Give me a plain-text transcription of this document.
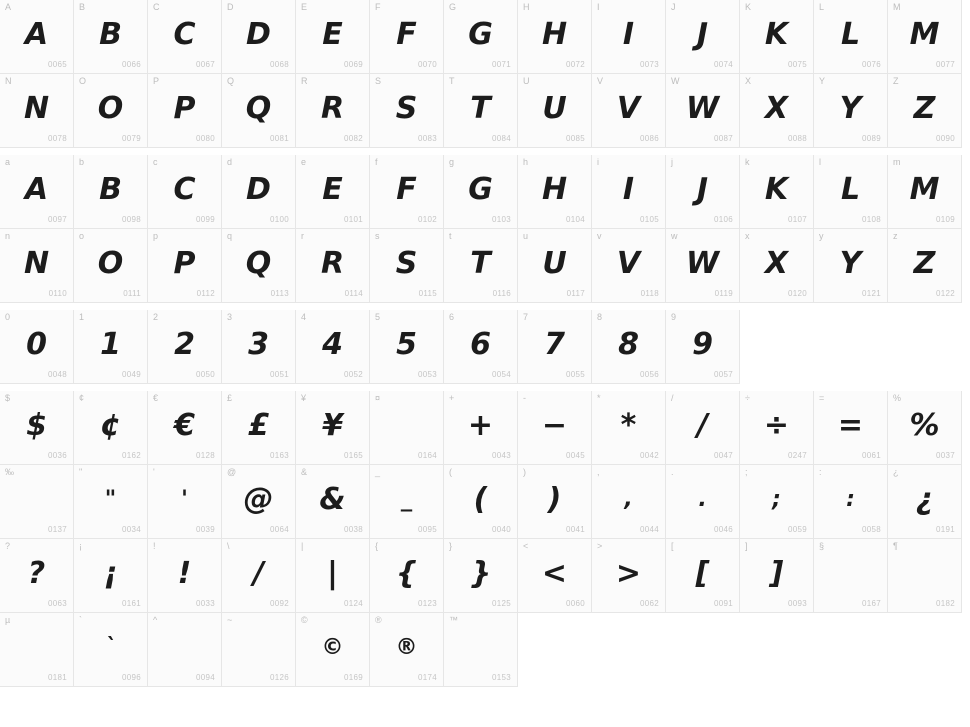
A
A
0065
B
B
0066
C
C
0067
D
D
0068
E
E
0069
F
F
0070
G
G
0071
H
H
0072
I
I
0073
J
J
0074
K
K
0075
L
L
0076
M
M
0077
N
N
0078
O
O
0079
P
P
0080
Q
Q
0081
R
R
0082
S
S
0083
T
T
0084
U
U
0085
V
V
0086
W
W
0087
X
X
0088
Y
Y
0089
Z
Z
0090
a
A
0097
b
B
0098
c
C
0099
d
D
0100
e
E
0101
f
F
0102
g
G
0103
h
H
0104
i
I
0105
j
J
0106
k
K
0107
l
L
0108
m
M
0109
n
N
0110
o
O
0111
p
P
0112
q
Q
0113
r
R
0114
s
S
0115
t
T
0116
u
U
0117
v
V
0118
w
W
0119
x
X
0120
y
Y
0121
z
Z
0122
0
0
0048
1
1
0049
2
2
0050
3
3
0051
4
4
0052
5
5
0053
6
6
0054
7
7
0055
8
8
0056
9
9
0057
$
$
0036
¢
¢
0162
€
€
0128
£
£
0163
¥
¥
0165
¤
0164
+
+
0043
-
−
0045
*
*
0042
/
/
0047
÷
÷
0247
=
=
0061
%
%
0037
‰
0137
"
"
0034
'
'
0039
@
@
0064
&
&
0038
_
_
0095
(
(
0040
)
)
0041
,
,
0044
.
.
0046
;
;
0059
:
:
0058
¿
¿
0191
?
?
0063
¡
¡
0161
!
!
0033
\
/
0092
|
|
0124
{
{
0123
}
}
0125
<
<
0060
>
>
0062
[
[
0091
]
]
0093
§
0167
¶
0182
µ
0181
`
`
0096
^
0094
~
0126
©
©
0169
®
®
0174
™
0153
